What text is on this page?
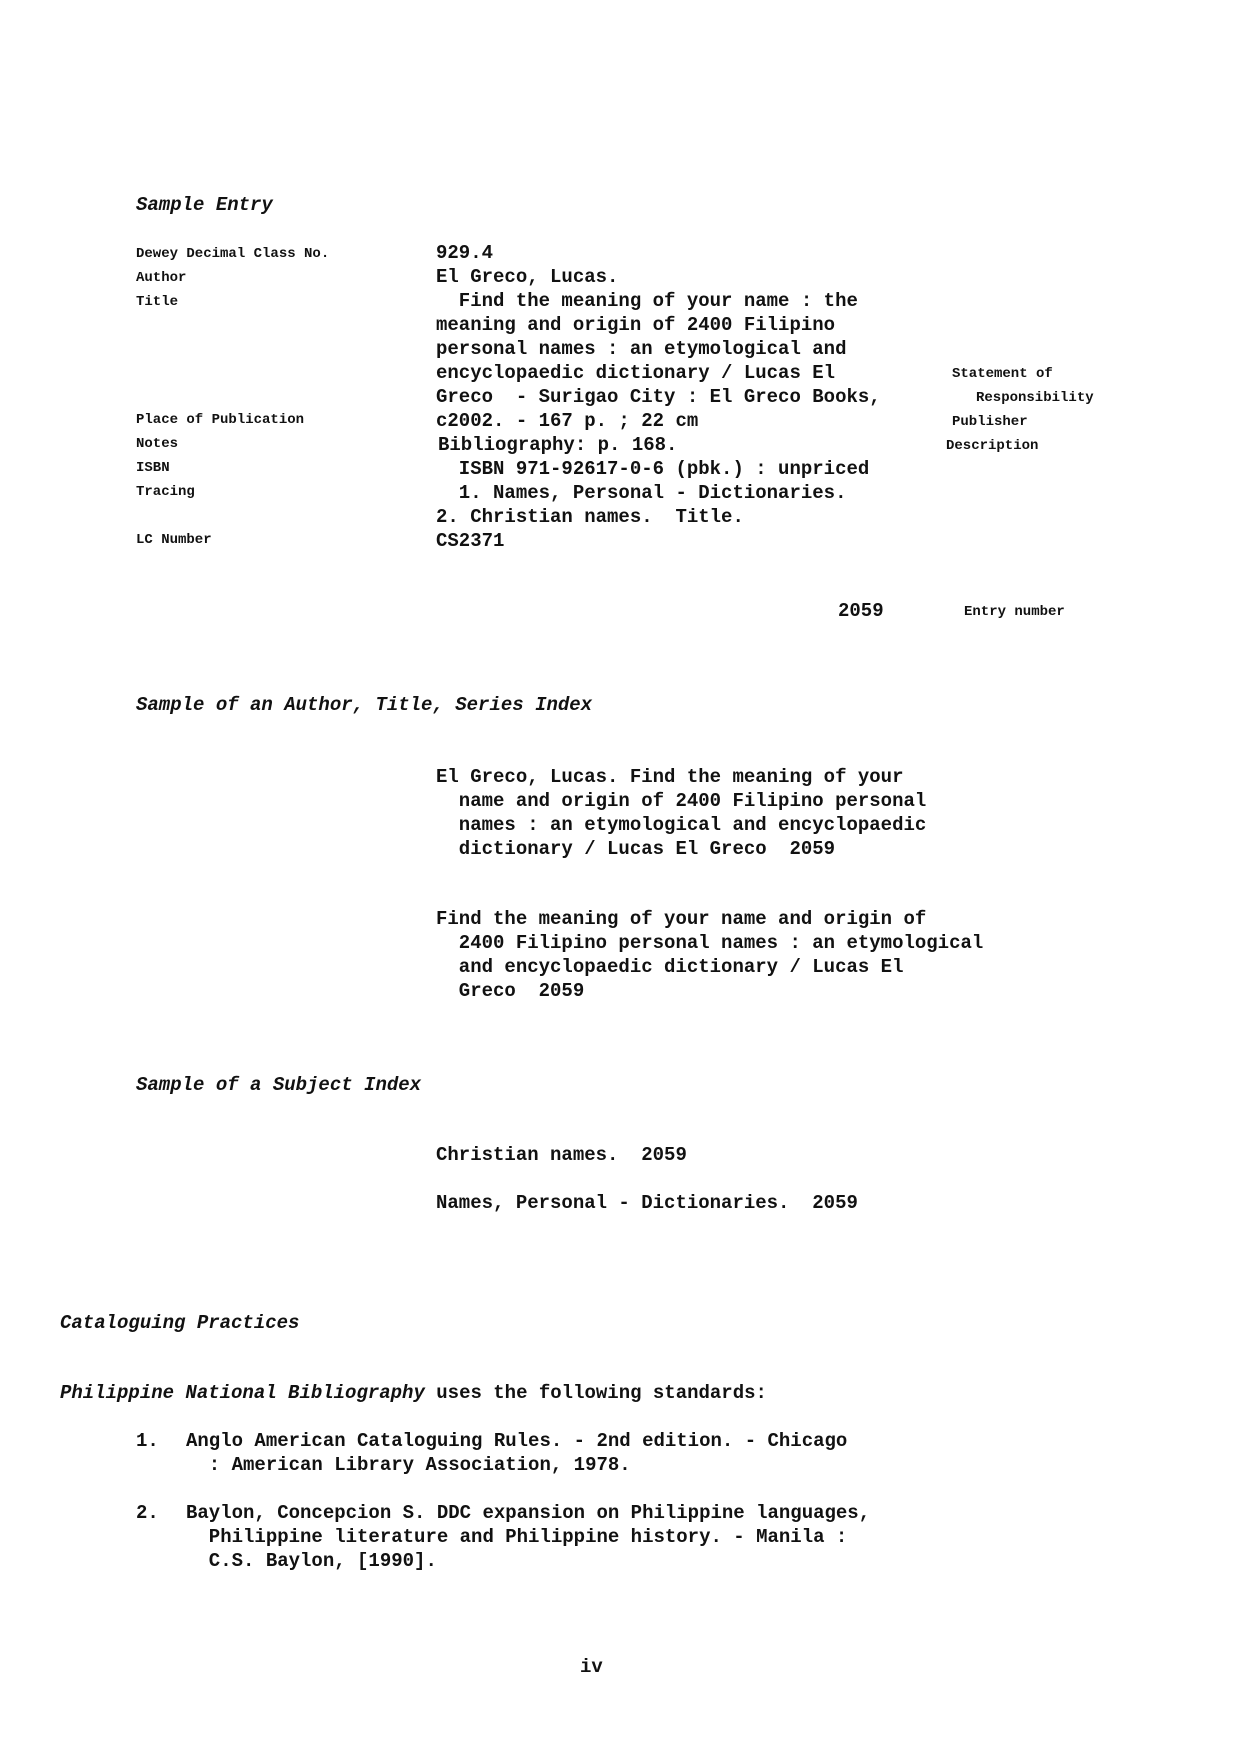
Sample Entry
Dewey Decimal Class No.
Author
Title
Place of Publication
Notes
ISBN
Tracing
LC Number
929.4
El Greco, Lucas.
Find the meaning of your name : the
meaning and origin of 2400 Filipino
personal names : an etymological and
encyclopaedic dictionary / Lucas El
Greco  - Surigao City : El Greco Books,
c2002. - 167 p. ; 22 cm
Bibliography: p. 168.
ISBN 971-92617-0-6 (pbk.) : unpriced
1. Names, Personal - Dictionaries.
2. Christian names.  Title.
CS2371
Statement of
Responsibility
Publisher
Description
2059	Entry number
Sample of an Author, Title, Series Index
El Greco, Lucas. Find the meaning of your
name and origin of 2400 Filipino personal
names : an etymological and encyclopaedic
dictionary / Lucas El Greco  2059
Find the meaning of your name and origin of
2400 Filipino personal names : an etymological
and encyclopaedic dictionary / Lucas El
Greco  2059
Sample of a Subject Index
Christian names.  2059
Names, Personal - Dictionaries.  2059
Cataloguing Practices
Philippine National Bibliography uses the following standards:
1. Anglo American Cataloguing Rules. - 2nd edition. - Chicago
: American Library Association, 1978.
2. Baylon, Concepcion S. DDC expansion on Philippine languages,
Philippine literature and Philippine history. - Manila :
C.S. Baylon, [1990].
iv
